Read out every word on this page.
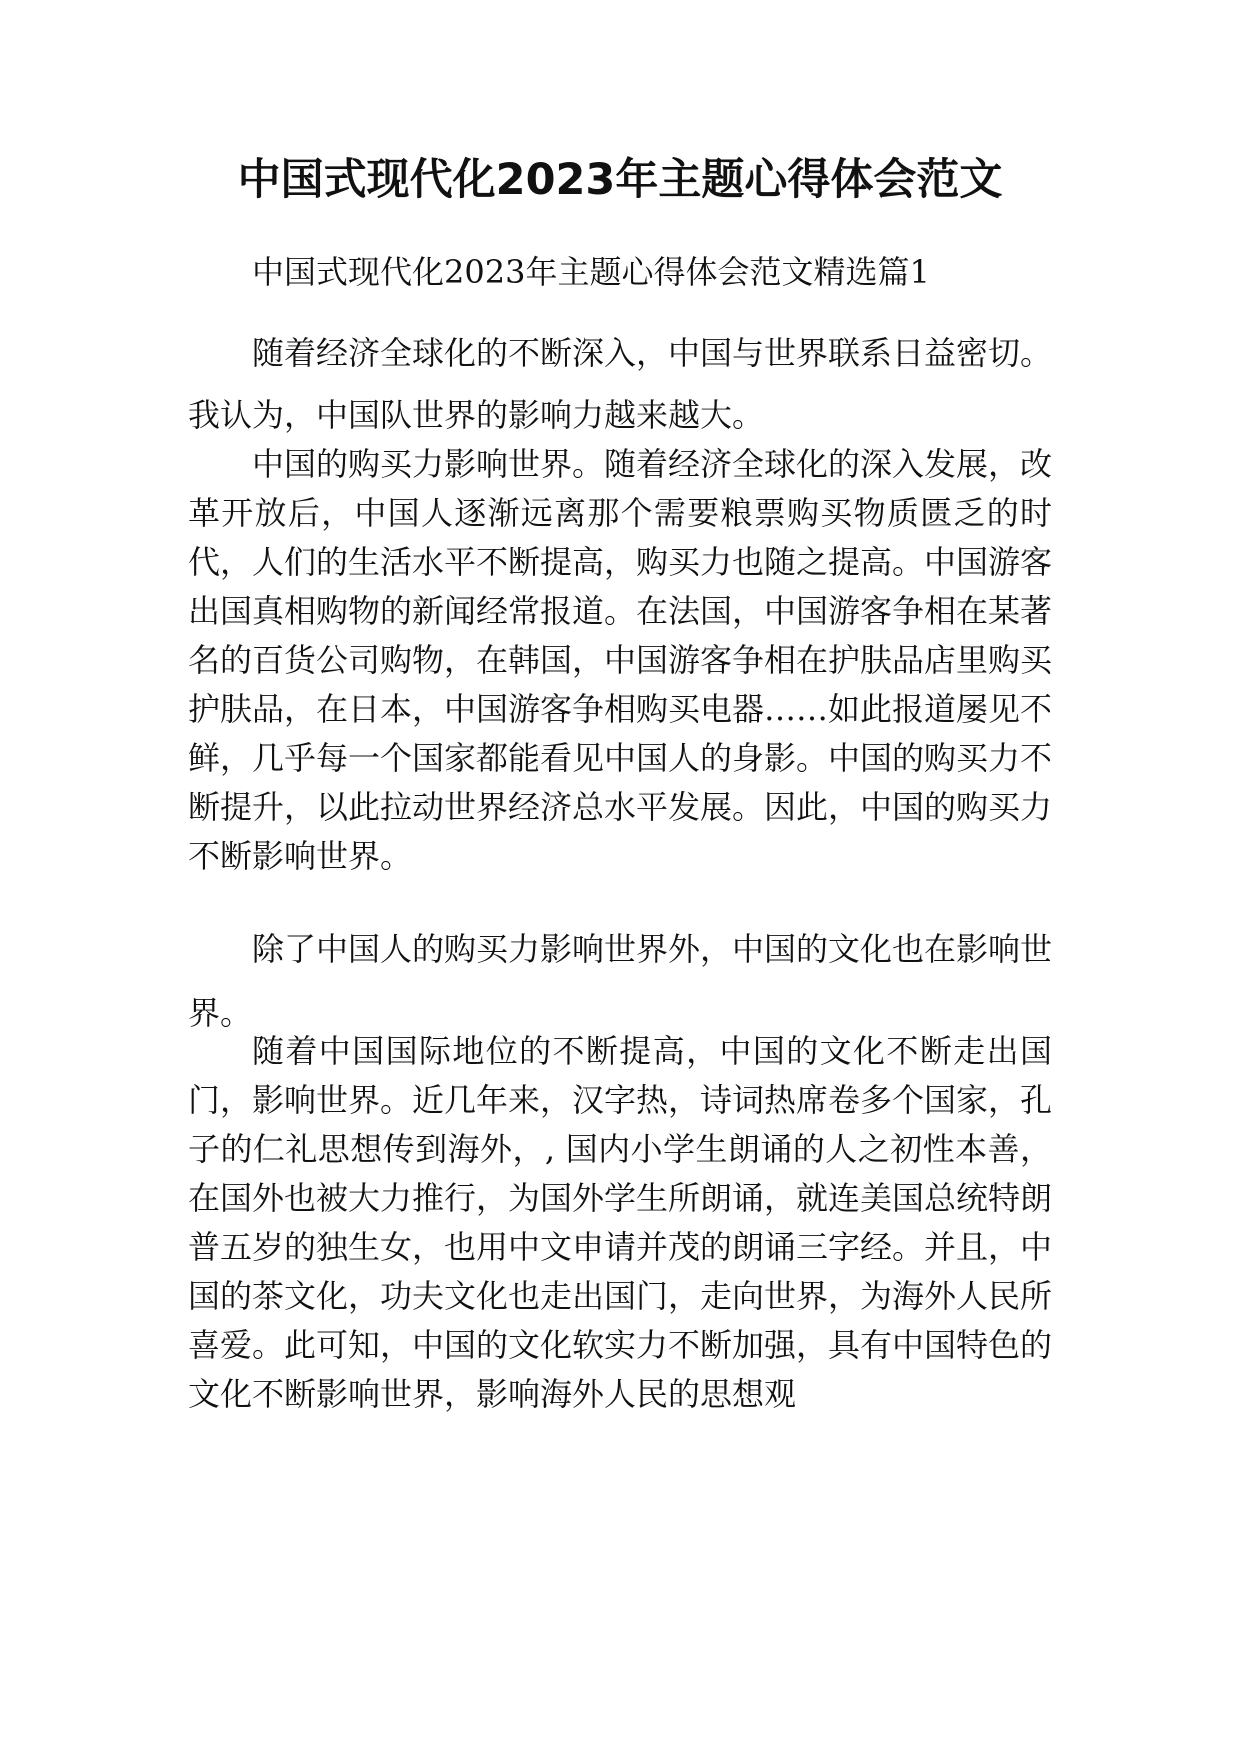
中国式现代化2023年主题心得体会范文

中国式现代化2023年主题心得体会范文精选篇1

随着经济全球化的不断深入，中国与世界联系日益密切。我认为，中国队世界的影响力越来越大。

中国的购买力影响世界。随着经济全球化的深入发展，改革开放后，中国人逐渐远离那个需要粮票购买物质匮乏的时代，人们的生活水平不断提高，购买力也随之提高。中国游客出国真相购物的新闻经常报道。在法国，中国游客争相在某著名的百货公司购物，在韩国，中国游客争相在护肤品店里购买护肤品，在日本，中国游客争相购买电器……如此报道屡见不鲜，几乎每一个国家都能看见中国人的身影。中国的购买力不断提升，以此拉动世界经济总水平发展。因此，中国的购买力不断影响世界。

除了中国人的购买力影响世界外，中国的文化也在影响世界。

随着中国国际地位的不断提高，中国的文化不断走出国门，影响世界。近几年来，汉字热，诗词热席卷多个国家，孔子的仁礼思想传到海外，, 国内小学生朗诵的人之初性本善，在国外也被大力推行，为国外学生所朗诵，就连美国总统特朗普五岁的独生女，也用中文申请并茂的朗诵三字经。并且，中国的茶文化，功夫文化也走出国门，走向世界，为海外人民所喜爱。此可知，中国的文化软实力不断加强，具有中国特色的文化不断影响世界，影响海外人民的思想观
